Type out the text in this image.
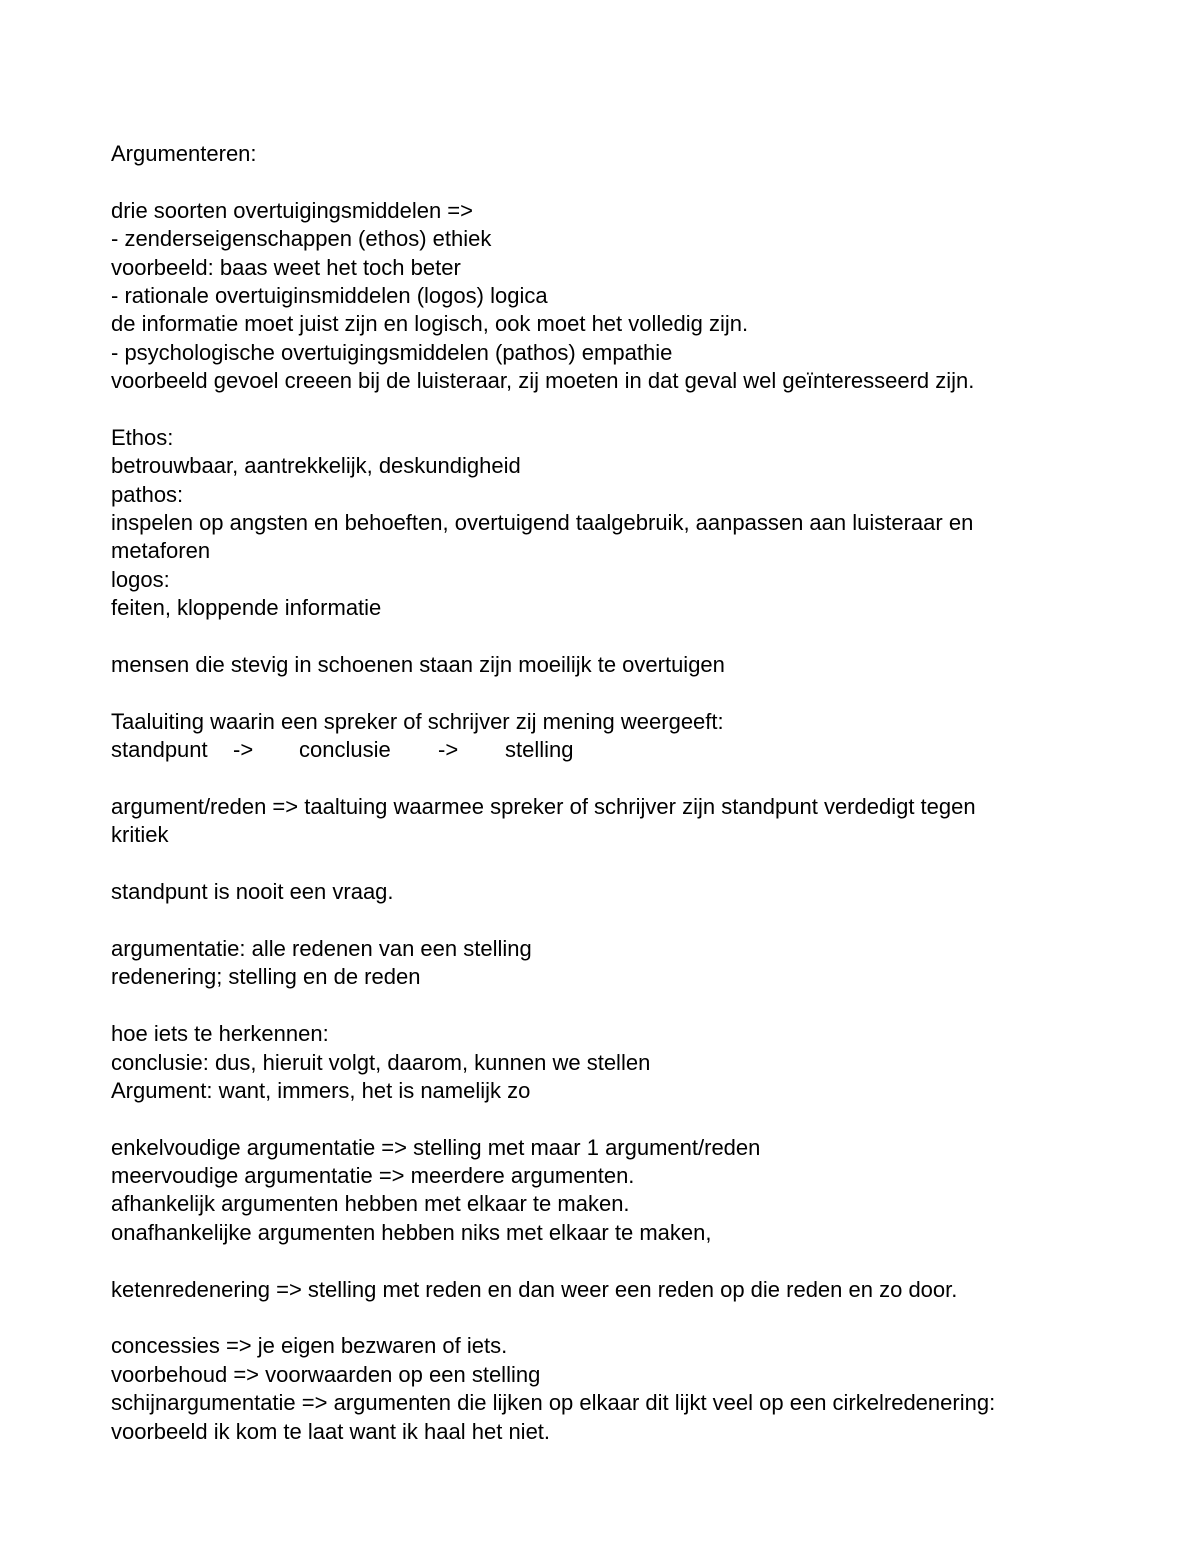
Argumenteren:
drie soorten overtuigingsmiddelen =>
- zenderseigenschappen (ethos) ethiek
voorbeeld: baas weet het toch beter
- rationale overtuiginsmiddelen (logos) logica
de informatie moet juist zijn en logisch, ook moet het volledig zijn.
- psychologische overtuigingsmiddelen (pathos) empathie
voorbeeld gevoel creeen bij de luisteraar, zij moeten in dat geval wel geïnteresseerd zijn.
Ethos:
betrouwbaar, aantrekkelijk, deskundigheid
pathos:
inspelen op angsten en behoeften, overtuigend taalgebruik, aanpassen aan luisteraar en
metaforen
logos:
feiten, kloppende informatie
mensen die stevig in schoenen staan zijn moeilijk te overtuigen
Taaluiting waarin een spreker of schrijver zij mening weergeeft:
standpunt -> conclusie -> stelling
argument/reden => taaltuing waarmee spreker of schrijver zijn standpunt verdedigt tegen
kritiek
standpunt is nooit een vraag.
argumentatie: alle redenen van een stelling
redenering; stelling en de reden
hoe iets te herkennen:
conclusie: dus, hieruit volgt, daarom, kunnen we stellen
Argument: want, immers, het is namelijk zo
enkelvoudige argumentatie => stelling met maar 1 argument/reden
meervoudige argumentatie => meerdere argumenten.
afhankelijk argumenten hebben met elkaar te maken.
onafhankelijke argumenten hebben niks met elkaar te maken,
ketenredenering => stelling met reden en dan weer een reden op die reden en zo door.
concessies => je eigen bezwaren of iets.
voorbehoud => voorwaarden op een stelling
schijnargumentatie => argumenten die lijken op elkaar dit lijkt veel op een cirkelredenering:
voorbeeld ik kom te laat want ik haal het niet.
